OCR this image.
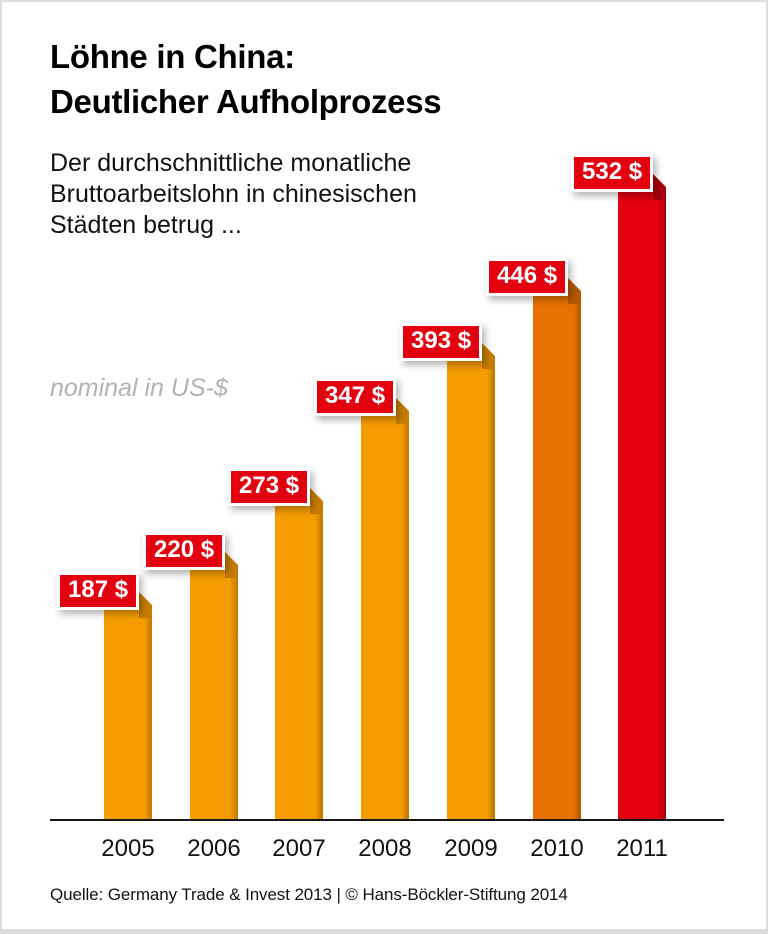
Löhne in China:
Deutlicher Aufholprozess
Der durchschnittliche monatliche
Bruttoarbeitslohn in chinesischen
Städten betrug ...
nominal in US-$
187 $
2005
220 $
2006
273 $
2007
347 $
2008
393 $
2009
446 $
2010
532 $
2011
Quelle: Germany Trade & Invest 2013 | © Hans-Böckler-Stiftung 2014
